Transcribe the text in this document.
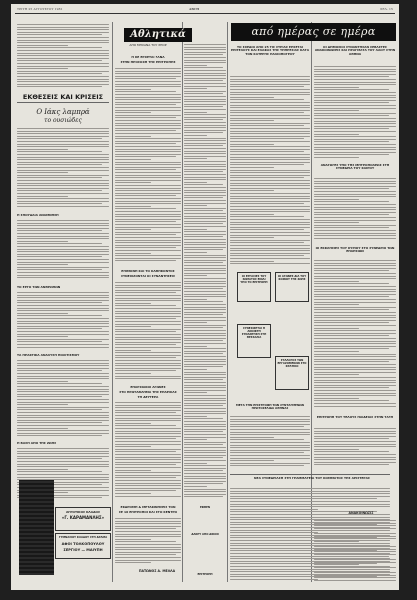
ΤΡΙΤΗ 25 ΑΥΓΟΥΣΤΟΥ 1981	ΑΒΓΗ	ΣΕΛ. 15
από ημέρας σε ημέρα
Αθλητικά
ΑΠΟ ΜΗΧΑΝΑ ΤΟΥ ΣΠΟΡ
ΕΚΘΕΣΕΙΣ ΚΑΙ ΚΡΙΣΕΙΣ
Ο Ιάκς λαμπρά
το ουσιώδες
Η ΣΠΟΥΔΑΙΑ ΑΝΑΜΝΗΣΗ
ΤΟ ΕΡΓΟ ΤΩΝ ΑΝΘΡΩΠΩΝ
ΤΑ ΠΡΑΚΤΙΚΑ ΑΝΑΛΥΣΗ ΠΟΛΙΤΙΣΜΟΥ
Η ΒΑΣΗ ΑΠΟ ΤΗΣ ΖΩΗΣ
ΑΓΡΟΤΙΚΟΣ ΚΛΑΔΟΣ
«Γ. ΚΑΡΑΜΑΝΛΗΣ»
ΓΥΜΝΑΣΙΟΥ ΚΛΑΔΟΥ ΣΤΗ ΔΡΑΜΑ
ΑΦΟΙ ΤΟΛΚΟΠΟΥΛΟΥ
ΣΕΡΓΙΟΥ — ΜΑΙΥΠΗ
Η ΚΕ ΕΡΧΕΤΑΙ ΞΑΝΑ
ΣΤΗΝ ΠΡΟΣΟΧΗ ΤΗΣ ΕΠΙΤΡΟΠΗΣ
ΕΠΙΜΟΝΗ ΚΑΙ ΤΟ ΚΑΘΗΚΟΝΤΟΣ
ΣΥΝΕΧΙΖΟΝΤΑΙ ΟΙ ΣΥΝΑΝΤΗΣΕΙΣ
ΕΠΑΡΧΙΑΚΟΙ ΑΓΩΝΕΣ
ΣΤΟ ΠΡΩΤΑΘΛΗΜΑ ΤΗΣ ΕΠΑΡΧΙΑΣ
ΤΗ ΔΕΥΤΕΡΑ
ΕΚΔΡΟΜΗ & ΜΕΤΑΚΙΝΗΣΕΙΣ ΤΟΝ
ΣΕ 10 ΕΠΙΤΡΟΠΟΙ ΚΑΙ ΣΤΟ ΚΕΝΤΡΟ
ΠΑΤΩΝΟΣ Α. ΜΕΛΛΑ
ΕΦΘΕΝ
ΔΑΚΡΥ ΑΠΟ ΔΙΚΟΝ
ΕΠΙΤΡΟΠΗ
ΤΟ ΣΧΕΔΙΟ ΑΠΟ 25 ΤΙΣ ΣΥΡΙΑΣ ΕΡΧΕΤΑΙ ΕΠΙΤΕΛΟΥΣ ΚΑΙ ΕΛΑΦΑΣ ΤΗΣ ΥΠΗΡΕΣΙΑΣ ΚΑΤΑ ΤΟΝ ΚΑΤΕΡΗΣ ΠΑΛΙΟΠΟΓΡΟΥ
ΟΙ ΕΡΓΑΣΙΕΣ ΤΟΥ ΣΩΜΑΤΟΣ ΕΙΝΑΙ ΥΠΟ ΤΟ ΕΠΙΤΡΟΠΗ
ΟΙ ΑΓΩΝΕΣ ΔΙΑ ΤΟΥ ΚΟΙΝΟΥ ΤΗΣ ΖΩΗΣ
ΣΥΝΕΧΙΖΕΤΑΙ Η ΑΝΟΙΚΤΗ ΣΥΝΑΝΤΗΣΗ ΣΤΗ ΘΕΣΣΑΛΙΑ
ΣΥΛΛΟΓΟΣ ΤΩΝ ΕΡΓΑΖΟΜΕΝΩΝ ΣΤΟ ΚΡΑΤΙΚΟ
ΜΕΤΑ ΤΗΝ ΕΠΙΣΤΡΟΦΗ ΤΩΝ ΣΥΝΤΑΓΜΕΝΩΝ ΠΡΩΤΟΣΕΛΙΔΑ ΑΘΗΝΑΣ
ΝΕΑ ΣΥΝΕΔΡΙΑΣΗ ΣΤΗ ΓΡΑΜΜΑΤΕΙΑ ΤΟΥ ΚΟΜΜΑΤΟΣ ΤΗΣ ΑΡΙΣΤΕΡΑΣ
ΟΙ ΔΗΜΟΣΙΟΙ ΣΥΝΑΝΤΗΣΑΝ ΣΕΒΑΣΤΕΣ ΑΝΑΚΟΙΝΩΣΕΙΣ ΚΑΙ ΠΡΑΓΜΑΤΑ ΤΟΥ ΛΑΟΥ ΣΤΗΝ ΑΘΗΝΑ
ΑΝΑΓΩΓΕΣ ΥΠΟ ΤΗΣ ΜΗΤΡΟΠΟΛΕΩΣ ΣΤΗ ΣΥΝΕΔΡΙΑ ΤΟΥ ΚΑΙΡΟΥ
ΟΙ ΕΚΚΛΗΣΙΕΣ ΤΟΥ ΚΥΡΙΟΥ ΣΤΟ ΣΥΝΕΔΡΙΟ ΤΩΝ ΕΠΑΡΧΙΩΝ
ΕΠΙΤΡΟΠΗ ΤΟΥ ΤΕΛΟΥΣ ΠΑΙΔΕΙΑΣ ΣΤΗΝ ΤΑΞΗ
ΑΝΑΚΟΙΝΩΣΙΣ
